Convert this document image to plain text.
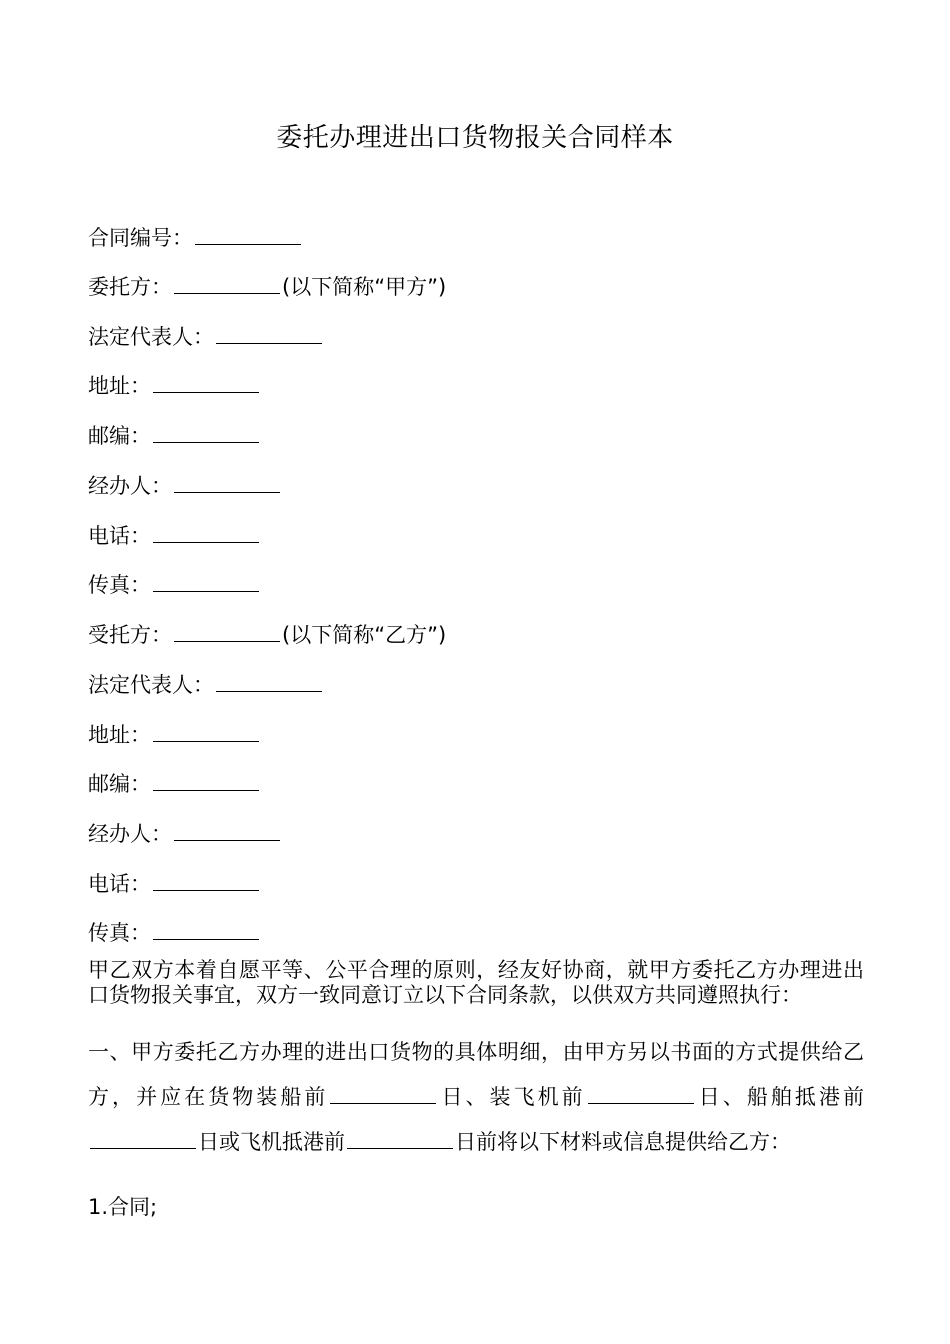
委托办理进出口货物报关合同样本
合同编号：
委托方：	(以下简称“甲方”)
法定代表人：
地址：
邮编：
经办人：
电话：
传真：
受托方：	(以下简称“乙方”)
法定代表人：
地址：
邮编：
经办人：
电话：
传真：
甲乙双方本着自愿平等、公平合理的原则，经友好协商，就甲方委托乙方办理进出口货物报关事宜，双方一致同意订立以下合同条款，以供双方共同遵照执行：
一、甲方委托乙方办理的进出口货物的具体明细，由甲方另以书面的方式提供给乙方，并应在货物装船前	日、装飞机前	日、船舶抵港前日或飞机抵港前	日前将以下材料或信息提供给乙方：
1.合同;
